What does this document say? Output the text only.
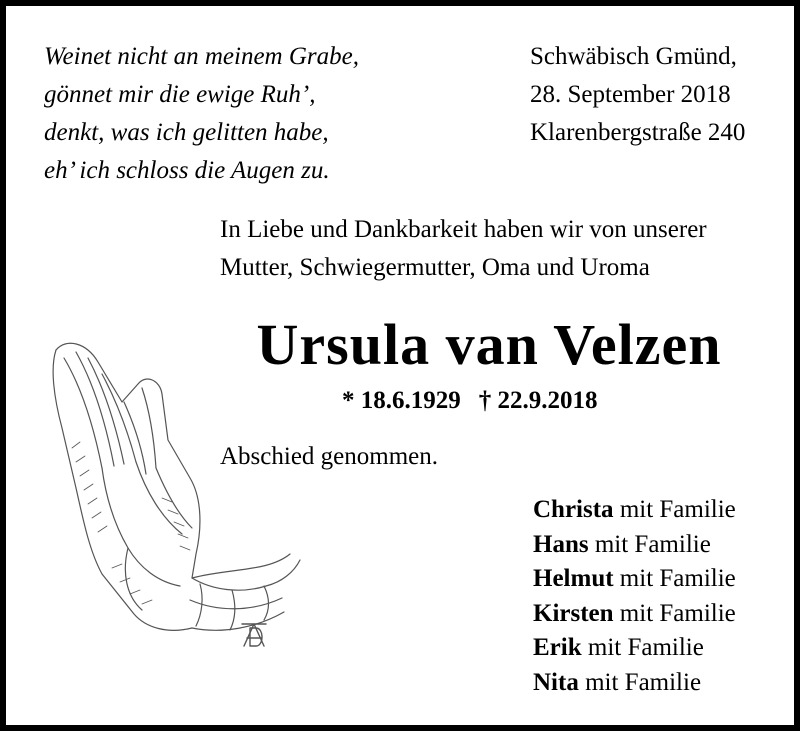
Weinet nicht an meinem Grabe,
gönnet mir die ewige Ruh’,
denkt, was ich gelitten habe,
eh’ ich schloss die Augen zu.
Schwäbisch Gmünd,
28. September 2018
Klarenbergstraße 240
In Liebe und Dankbarkeit haben wir von unserer
Mutter, Schwiegermutter, Oma und Uroma
Ursula van Velzen
* 18.6.1929 † 22.9.2018
Abschied genommen.
Christa mit Familie
Hans mit Familie
Helmut mit Familie
Kirsten mit Familie
Erik mit Familie
Nita mit Familie
